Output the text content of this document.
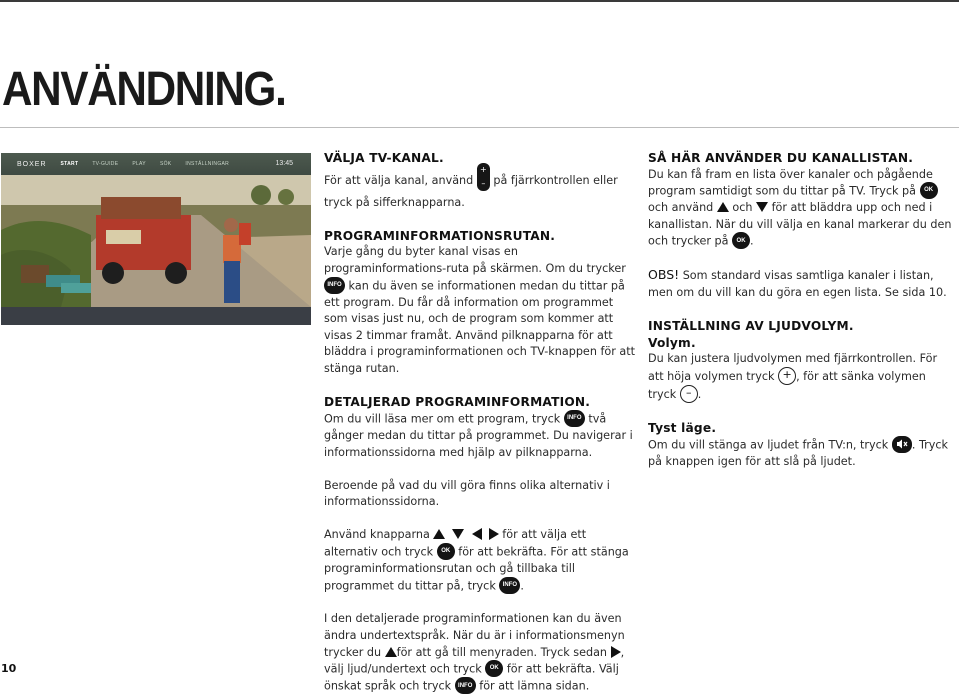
ANVÄNDNING.
BOXER	START	TV-GUIDE	PLAY	SÖK	INSTÄLLNINGAR	13:45	VÄLJA TV-KANAL.

För att välja kanal, använd
+
– på fjärrkontrollen eller tryck på sifferknapparna.

PROGRAMINFORMATIONSRUTAN.

Varje gång du byter kanal visas en programinformations-ruta på skärmen. Om du trycker INFO kan du även se informationen medan du tittar på ett program. Du får då information om programmet som visas just nu, och de program som kommer att visas 2 timmar framåt. Använd pilknapparna för att bläddra i programinformationen och TV-knappen för att stänga rutan.

DETALJERAD PROGRAMINFORMATION.

Om du vill läsa mer om ett program, tryck INFO två gånger medan du tittar på programmet. Du navigerar i informationssidorna med hjälp av pilknapparna.

Beroende på vad du vill göra finns olika alternativ i informationssidorna.

Använd knapparna	för att välja ett alternativ och tryck OK för att bekräfta. För att stänga programinformationsrutan och gå tillbaka till programmet du tittar på, tryck INFO .

I den detaljerade programinformationen kan du även ändra undertextspråk. När du är i informationsmenyn trycker du för att gå till menyraden. Tryck sedan , välj ljud/undertext och tryck OK för att bekräfta. Välj önskat språk och tryck INFO för att lämna sidan.

SÅ HÄR ANVÄNDER DU KANALLISTAN.

Du kan få fram en lista över kanaler och pågående program samtidigt som du tittar på TV. Tryck på OK och använd  och  för att bläddra upp och ned i kanallistan. När du vill välja en kanal markerar du den och trycker på OK .

OBS! Som standard visas samtliga kanaler i listan, men om du vill kan du göra en egen lista. Se sida 10.

INSTÄLLNING AV LJUDVOLYM.
Volym.

Du kan justera ljudvolymen med fjärrkontrollen. För att höja volymen tryck + , för att sänka volymen tryck – .

Tyst läge.

Om du vill stänga av ljudet från TV:n, tryck
. Tryck på knappen igen för att slå på ljudet.

10
